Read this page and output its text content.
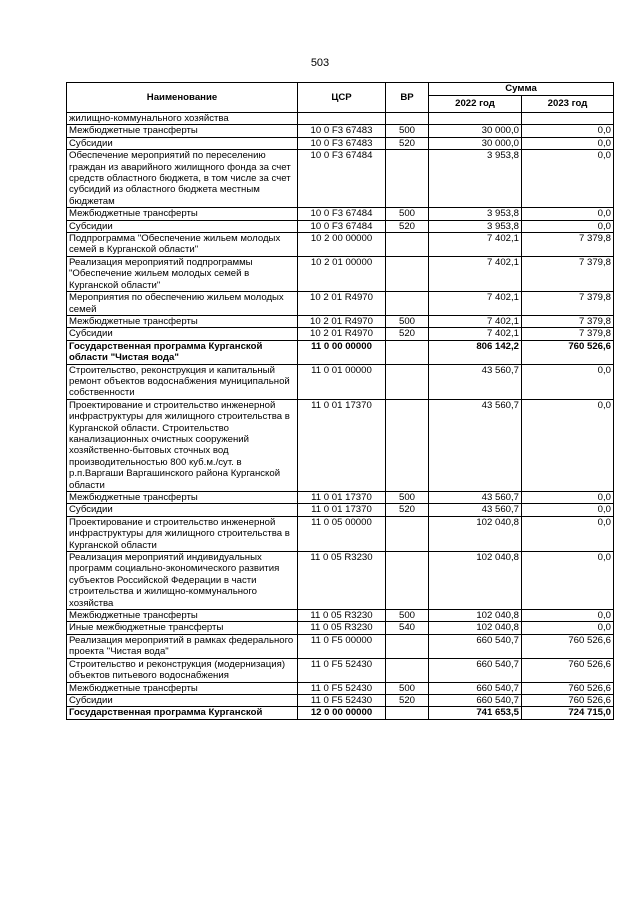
503
Наименование	ЦСР	ВР	Сумма	
			2022 год	2023 год
жилищно-коммунального хозяйства				
Межбюджетные трансферты	10 0 F3 67483	500	30 000,0	0,0
Субсидии	10 0 F3 67483	520	30 000,0	0,0
Обеспечение мероприятий по переселению граждан из аварийного жилищного фонда за счет средств областного бюджета, в том числе за счет субсидий из областного бюджета местным бюджетам	10 0 F3 67484		3 953,8	0,0
Межбюджетные трансферты	10 0 F3 67484	500	3 953,8	0,0
Субсидии	10 0 F3 67484	520	3 953,8	0,0
Подпрограмма "Обеспечение жильем молодых семей в Курганской области"	10 2 00 00000		7 402,1	7 379,8
Реализация мероприятий подпрограммы "Обеспечение жильем молодых семей в Курганской области"	10 2 01 00000		7 402,1	7 379,8
Мероприятия по обеспечению жильем молодых семей	10 2 01 R4970		7 402,1	7 379,8
Межбюджетные трансферты	10 2 01 R4970	500	7 402,1	7 379,8
Субсидии	10 2 01 R4970	520	7 402,1	7 379,8
Государственная программа Курганской области "Чистая вода"	11 0 00 00000		806 142,2	760 526,6
Строительство, реконструкция и капитальный ремонт объектов водоснабжения муниципальной собственности	11 0 01 00000		43 560,7	0,0
Проектирование и строительство инженерной инфраструктуры для жилищного строительства в Курганской области. Строительство канализационных очистных сооружений хозяйственно-бытовых сточных вод производительностью 800 куб.м./сут. в р.п.Варгаши Варгашинского района Курганской области	11 0 01 17370		43 560,7	0,0
Межбюджетные трансферты	11 0 01 17370	500	43 560,7	0,0
Субсидии	11 0 01 17370	520	43 560,7	0,0
Проектирование и строительство инженерной инфраструктуры для жилищного строительства в Курганской области	11 0 05 00000		102 040,8	0,0
Реализация мероприятий индивидуальных программ социально-экономического развития субъектов Российской Федерации в части строительства и жилищно-коммунального хозяйства	11 0 05 R3230		102 040,8	0,0
Межбюджетные трансферты	11 0 05 R3230	500	102 040,8	0,0
Иные межбюджетные трансферты	11 0 05 R3230	540	102 040,8	0,0
Реализация мероприятий в рамках федерального проекта "Чистая вода"	11 0 F5 00000		660 540,7	760 526,6
Строительство и реконструкция (модернизация) объектов питьевого водоснабжения	11 0 F5 52430		660 540,7	760 526,6
Межбюджетные трансферты	11 0 F5 52430	500	660 540,7	760 526,6
Субсидии	11 0 F5 52430	520	660 540,7	760 526,6
Государственная программа Курганской	12 0 00 00000		741 653,5	724 715,0
